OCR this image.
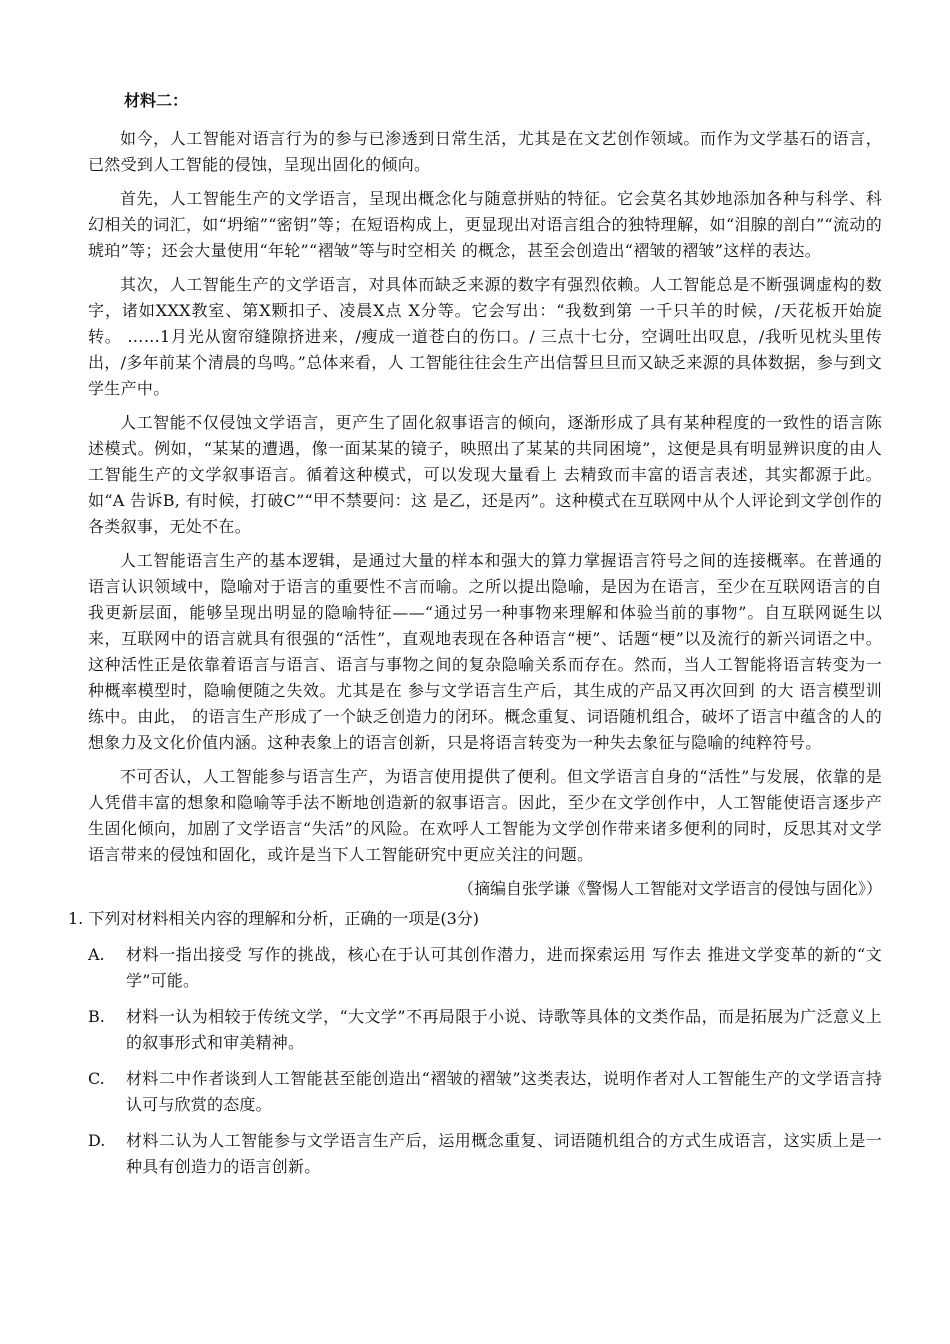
材料二：

如今，人工智能对语言行为的参与已渗透到日常生活，尤其是在文艺创作领域。而作为文学基石的语言，已然受到人工智能的侵蚀，呈现出固化的倾向。

首先，人工智能生产的文学语言，呈现出概念化与随意拼贴的特征。它会莫名其妙地添加各种与科学、科幻相关的词汇，如“坍缩”“密钥”等；在短语构成上，更显现出对语言组合的独特理解，如“泪腺的剖白”“流动的琥珀”等；还会大量使用“年轮”“褶皱”等与时空相关 的概念，甚至会创造出“褶皱的褶皱”这样的表达。

其次，人工智能生产的文学语言，对具体而缺乏来源的数字有强烈依赖。人工智能总是不断强调虚构的数字，诸如XXX教室、第X颗扣子、凌晨X点 X分等。它会写出：“我数到第 一千只羊的时候，/天花板开始旋转。 ……1月光从窗帘缝隙挤进来，/瘦成一道苍白的伤口。/ 三点十七分，空调吐出叹息，/我听见枕头里传出，/多年前某个清晨的鸟鸣。”总体来看，人 工智能往往会生产出信誓旦旦而又缺乏来源的具体数据，参与到文学生产中。

人工智能不仅侵蚀文学语言，更产生了固化叙事语言的倾向，逐渐形成了具有某种程度的一致性的语言陈述模式。例如，“某某的遭遇，像一面某某的镜子，映照出了某某的共同困境”，这便是具有明显辨识度的由人工智能生产的文学叙事语言。循着这种模式，可以发现大量看上 去精致而丰富的语言表述，其实都源于此。如“A 告诉B, 有时候，打破C”“甲不禁要问：这 是乙，还是丙”。这种模式在互联网中从个人评论到文学创作的各类叙事，无处不在。

人工智能语言生产的基本逻辑，是通过大量的样本和强大的算力掌握语言符号之间的连接概率。在普通的语言认识领域中，隐喻对于语言的重要性不言而喻。之所以提出隐喻，是因为在语言，至少在互联网语言的自我更新层面，能够呈现出明显的隐喻特征——“通过另一种事物来理解和体验当前的事物”。自互联网诞生以来，互联网中的语言就具有很强的“活性”，直观地表现在各种语言“梗”、话题“梗”以及流行的新兴词语之中。这种活性正是依靠着语言与语言、语言与事物之间的复杂隐喻关系而存在。然而，当人工智能将语言转变为一种概率模型时，隐喻便随之失效。尤其是在 参与文学语言生产后，其生成的产品又再次回到 的大 语言模型训练中。由此， 的语言生产形成了一个缺乏创造力的闭环。概念重复、词语随机组合，破坏了语言中蕴含的人的想象力及文化价值内涵。这种表象上的语言创新，只是将语言转变为一种失去象征与隐喻的纯粹符号。

不可否认，人工智能参与语言生产，为语言使用提供了便利。但文学语言自身的“活性”与发展，依靠的是人凭借丰富的想象和隐喻等手法不断地创造新的叙事语言。因此，至少在文学创作中，人工智能使语言逐步产生固化倾向，加剧了文学语言“失活”的风险。在欢呼人工智能为文学创作带来诸多便利的同时，反思其对文学语言带来的侵蚀和固化，或许是当下人工智能研究中更应关注的问题。

（摘编自张学谦《警惕人工智能对文学语言的侵蚀与固化》）
1. 下列对材料相关内容的理解和分析，正确的一项是(3分)
A.	材料一指出接受 写作的挑战，核心在于认可其创作潜力，进而探索运用 写作去 推进文学变革的新的“文学”可能。
B.	材料一认为相较于传统文学，“大文学”不再局限于小说、诗歌等具体的文类作品，而是拓展为广泛意义上的叙事形式和审美精神。
C.	材料二中作者谈到人工智能甚至能创造出“褶皱的褶皱”这类表达，说明作者对人工智能生产的文学语言持认可与欣赏的态度。
D.	材料二认为人工智能参与文学语言生产后，运用概念重复、词语随机组合的方式生成语言，这实质上是一种具有创造力的语言创新。
